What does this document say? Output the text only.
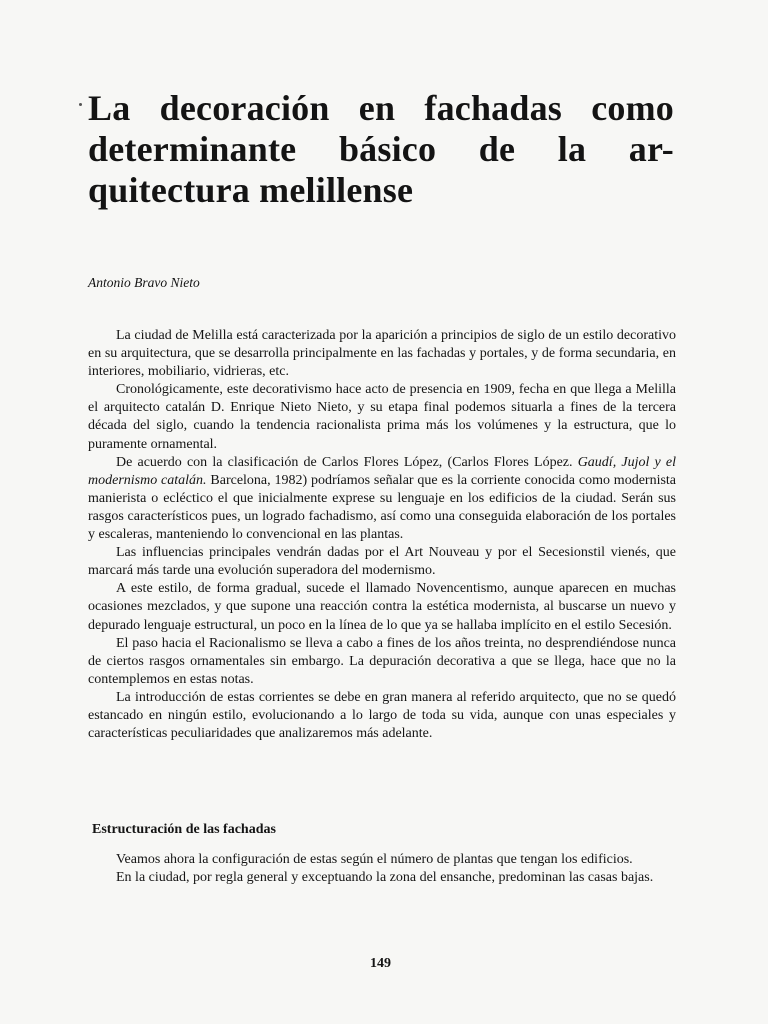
La decoración en fachadas como
determinante básico de la ar-
quitectura melillense
Antonio Bravo Nieto

La ciudad de Melilla está caracterizada por la aparición a principios de siglo de un estilo decorativo en su arquitectura, que se desarrolla principalmente en las fachadas y portales, y de forma secundaria, en interiores, mobiliario, vidrieras, etc.

Cronológicamente, este decorativismo hace acto de presencia en 1909, fecha en que llega a Melilla el arquitecto catalán D. Enrique Nieto Nieto, y su etapa final podemos situarla a fines de la tercera década del siglo, cuando la tendencia racionalista prima más los volúmenes y la estructura, que lo puramente ornamental.

De acuerdo con la clasificación de Carlos Flores López, (Carlos Flores López. Gaudí, Jujol y el modernismo catalán. Barcelona, 1982) podríamos señalar que es la corriente conocida como modernista manierista o ecléctico el que inicialmente exprese su lenguaje en los edificios de la ciudad. Serán sus rasgos característicos pues, un logrado fachadismo, así como una conseguida elaboración de los portales y escaleras, manteniendo lo convencional en las plantas.

Las influencias principales vendrán dadas por el Art Nouveau y por el Secesionstil vienés, que marcará más tarde una evolución superadora del modernismo.

A este estilo, de forma gradual, sucede el llamado Novencentismo, aunque aparecen en muchas ocasiones mezclados, y que supone una reacción contra la estética modernista, al buscarse un nuevo y depurado lenguaje estructural, un poco en la línea de lo que ya se hallaba implícito en el estilo Secesión.

El paso hacia el Racionalismo se lleva a cabo a fines de los años treinta, no desprendiéndose nunca de ciertos rasgos ornamentales sin embargo. La depuración decorativa a que se llega, hace que no la contemplemos en estas notas.

La introducción de estas corrientes se debe en gran manera al referido arquitecto, que no se quedó estancado en ningún estilo, evolucionando a lo largo de toda su vida, aunque con unas especiales y características peculiaridades que analizaremos más adelante.

Estructuración de las fachadas

Veamos ahora la configuración de estas según el número de plantas que tengan los edificios.

En la ciudad, por regla general y exceptuando la zona del ensanche, predominan las casas bajas.

149
